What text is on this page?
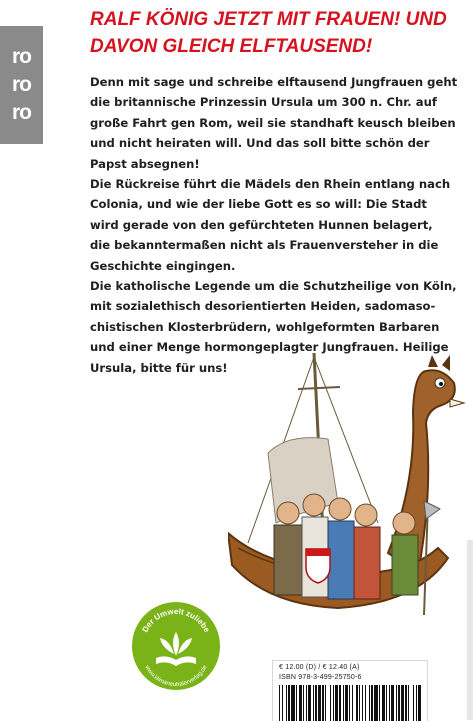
ro
ro
ro
RALF KÖNIG JETZT MIT FRAUEN! UND
DAVON GLEICH ELFTAUSEND!

Denn mit sage und schreibe elftausend Jungfrauen geht
die britannische Prinzessin Ursula um 300 n. Chr. auf
große Fahrt gen Rom, weil sie standhaft keusch bleiben
und nicht heiraten will. Und das soll bitte schön der
Papst absegnen!
Die Rückreise führt die Mädels den Rhein entlang nach
Colonia, und wie der liebe Gott es so will: Die Stadt
wird gerade von den gefürchteten Hunnen belagert,
die bekanntermaßen nicht als Frauenversteher in die
Geschichte eingingen.

Die katholische Legende um die Schutzheilige von Köln,
mit sozialethisch desorientierten Heiden, sadomaso-
chistischen Klosterbrüdern, wohlgeformten Barbaren
und einer Menge hormongeplagter Jungfrauen. Heilige
Ursula, bitte für uns!

Der Umwelt zuliebe
www.klimaneutralerverlag.de	€ 12.00 (D) / € 12.40 (A)
ISBN 978-3-499-25750-6
